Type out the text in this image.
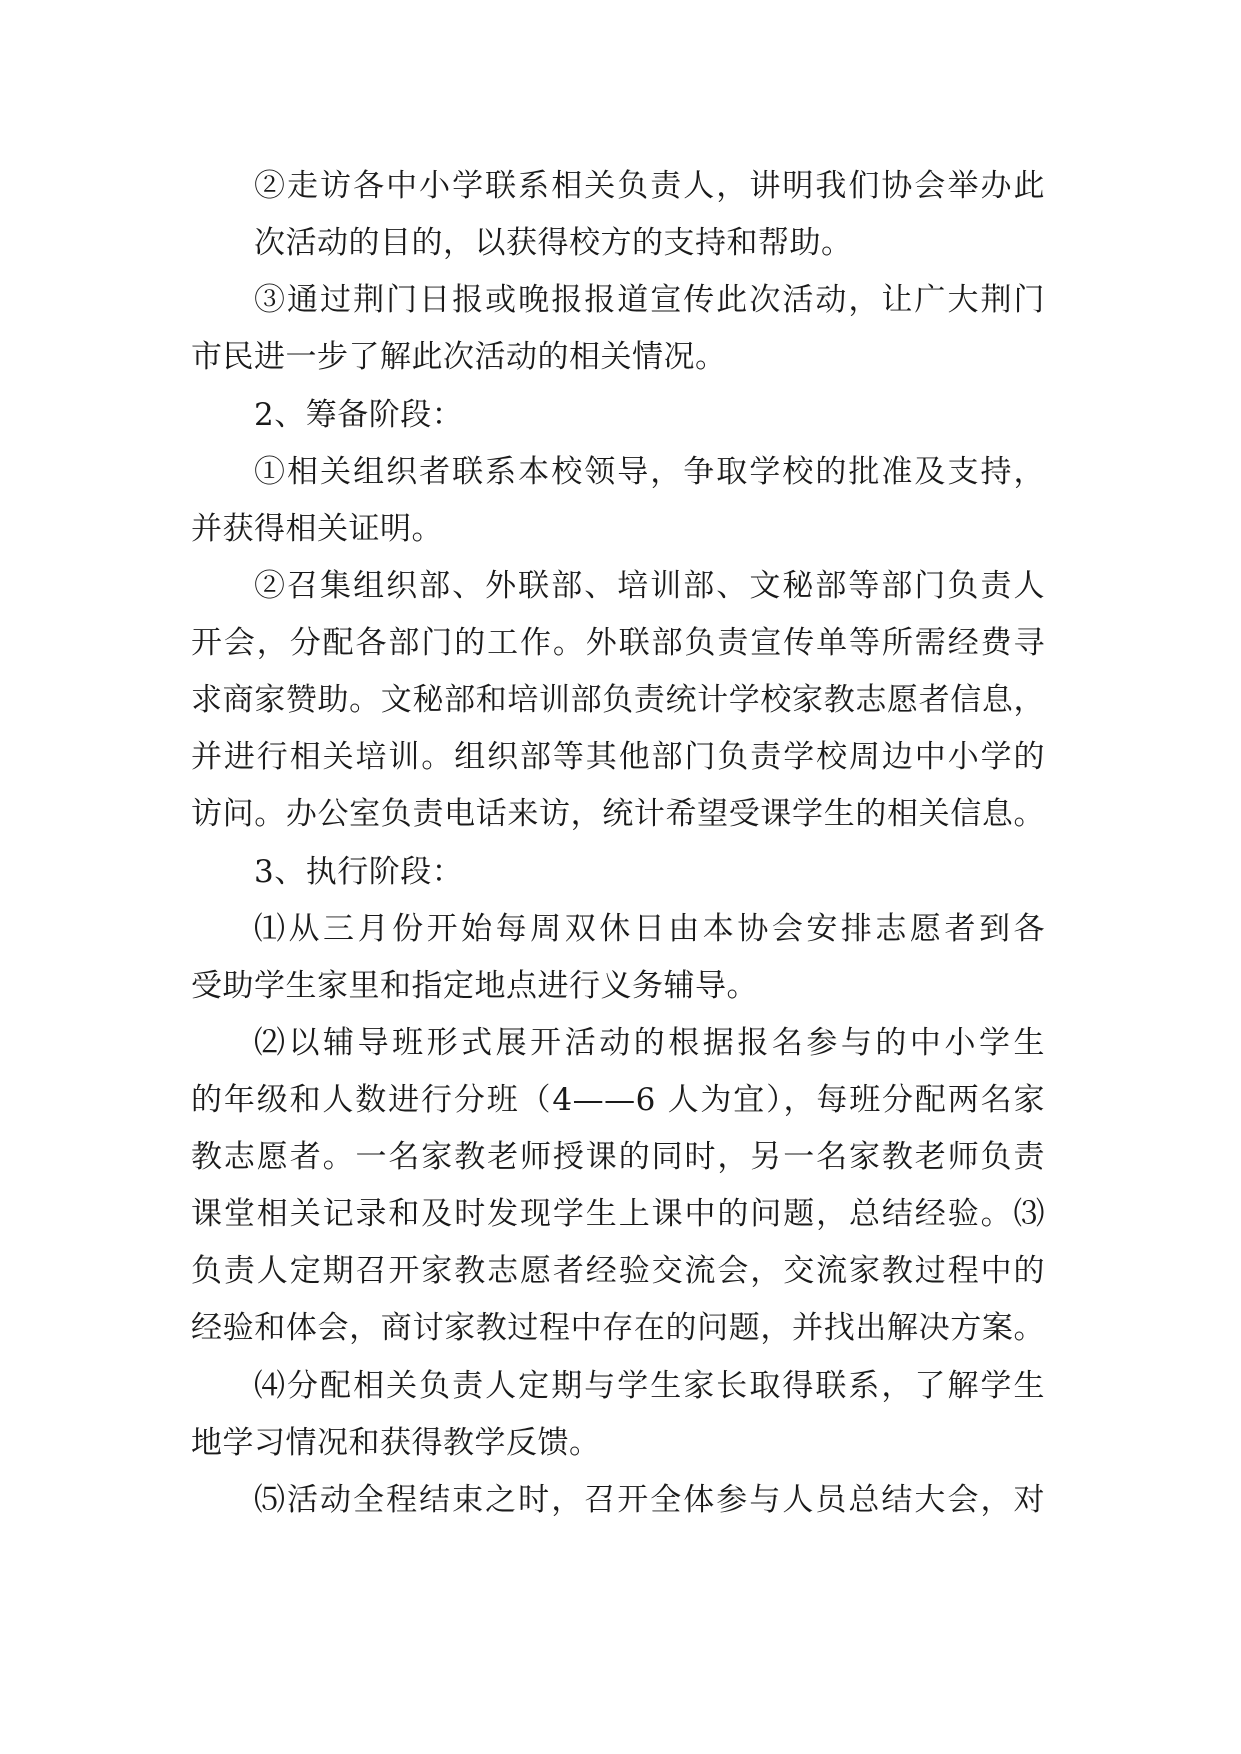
②走访各中小学联系相关负责人，讲明我们协会举办此
次活动的目的，以获得校方的支持和帮助。
③通过荆门日报或晚报报道宣传此次活动，让广大荆门
市民进一步了解此次活动的相关情况。
2、筹备阶段：
①相关组织者联系本校领导，争取学校的批准及支持，
并获得相关证明。
②召集组织部、外联部、培训部、文秘部等部门负责人
开会，分配各部门的工作。外联部负责宣传单等所需经费寻
求商家赞助。文秘部和培训部负责统计学校家教志愿者信息，
并进行相关培训。组织部等其他部门负责学校周边中小学的
访问。办公室负责电话来访，统计希望受课学生的相关信息。
3、执行阶段：
⑴从三月份开始每周双休日由本协会安排志愿者到各
受助学生家里和指定地点进行义务辅导。
⑵以辅导班形式展开活动的根据报名参与的中小学生
的年级和人数进行分班（4——6 人为宜），每班分配两名家
教志愿者。一名家教老师授课的同时，另一名家教老师负责
课堂相关记录和及时发现学生上课中的问题，总结经验。⑶
负责人定期召开家教志愿者经验交流会，交流家教过程中的
经验和体会，商讨家教过程中存在的问题，并找出解决方案。
⑷分配相关负责人定期与学生家长取得联系，了解学生
地学习情况和获得教学反馈。
⑸活动全程结束之时，召开全体参与人员总结大会，对
